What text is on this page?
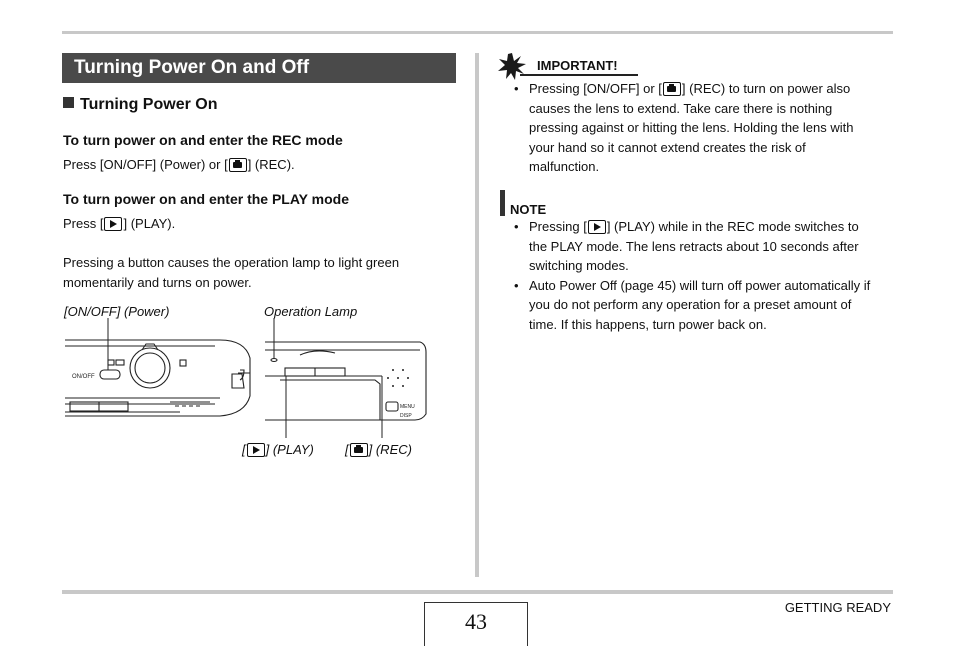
Turning Power On and Off
Turning Power On
To turn power on and enter the REC mode
Press [ON/OFF] (Power) or [ ] (REC).
To turn power on and enter the PLAY mode
Press [ ] (PLAY).
Pressing a button causes the operation lamp to light green
momentarily and turns on power.
[ON/OFF] (Power)	Operation Lamp
[ ] (PLAY) [ ] (REC)
ON/OFF
MENU
DISP
IMPORTANT!
• Pressing [ON/OFF] or [ ] (REC) to turn on power also
causes the lens to extend. Take care there is nothing
pressing against or hitting the lens. Holding the lens with
your hand so it cannot extend creates the risk of
malfunction.
NOTE
• Pressing [ ] (PLAY) while in the REC mode switches to
the PLAY mode. The lens retracts about 10 seconds after
switching modes.
• Auto Power Off (page 45) will turn off power automatically if
you do not perform any operation for a preset amount of
time. If this happens, turn power back on.
43
GETTING READY
